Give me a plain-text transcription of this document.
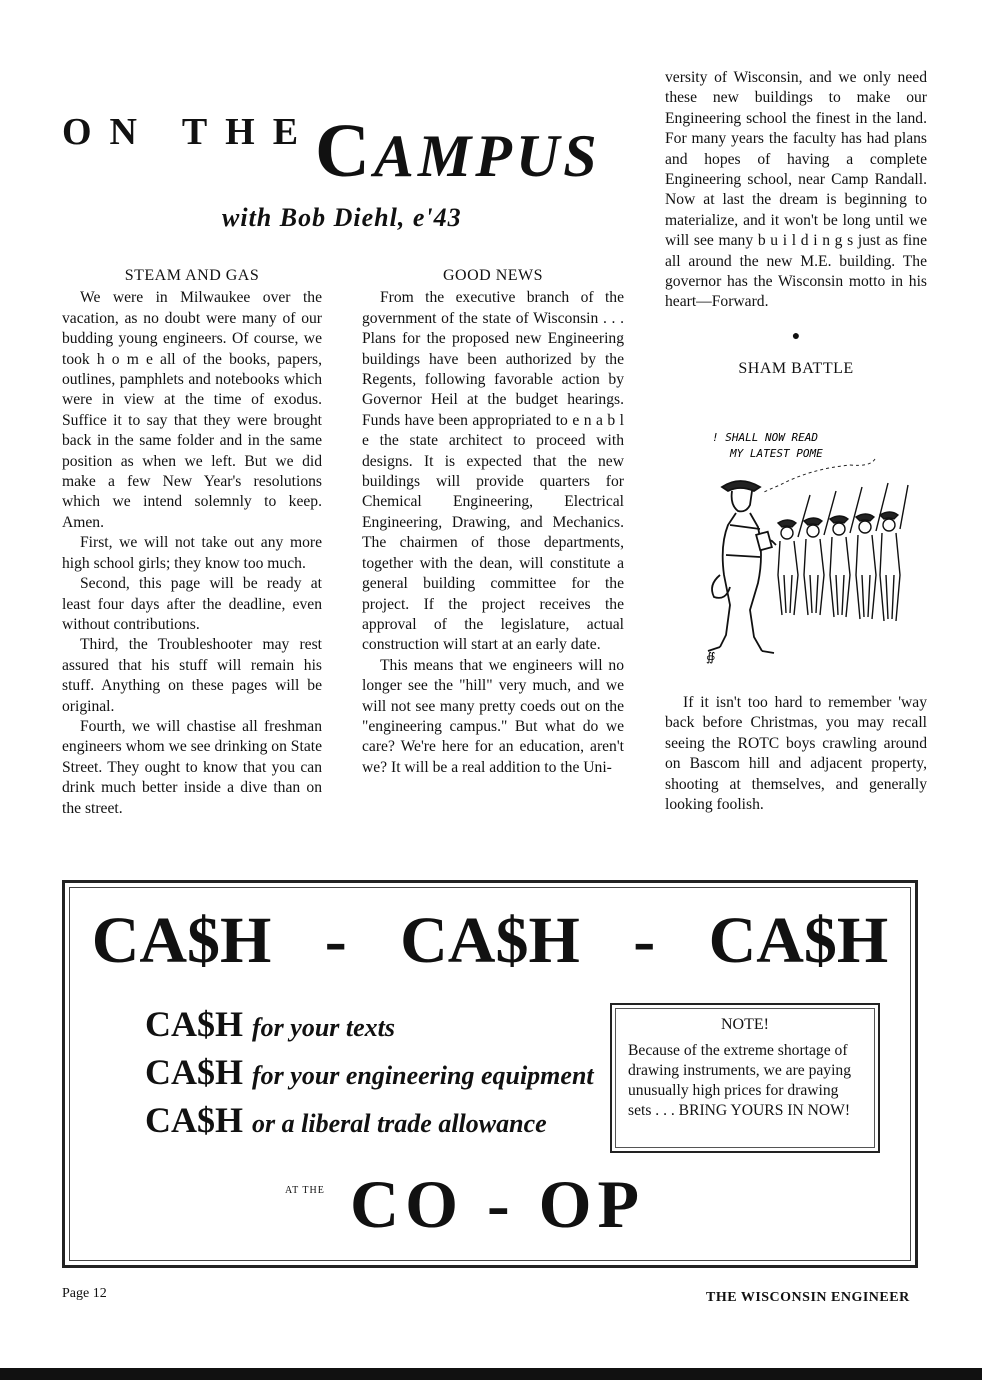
ON THE
CAMPUS
with Bob Diehl, e'43
STEAM AND GAS

We were in Milwaukee over the vacation, as no doubt were many of our budding young engineers. Of course, we took h o m e all of the books, papers, outlines, pamphlets and notebooks which were in view at the time of exodus. Suffice it to say that they were brought back in the same folder and in the same position as when we left. But we did make a few New Year's resolutions which we intend solemnly to keep. Amen.

First, we will not take out any more high school girls; they know too much.

Second, this page will be ready at least four days after the deadline, even without contributions.

Third, the Troubleshooter may rest assured that his stuff will remain his stuff. Anything on these pages will be original.

Fourth, we will chastise all freshman engineers whom we see drinking on State Street. They ought to know that you can drink much better inside a dive than on the street.

GOOD NEWS

From the executive branch of the government of the state of Wisconsin . . . Plans for the proposed new Engineering buildings have been authorized by the Regents, following favorable action by Governor Heil at the budget hearings. Funds have been appropriated to e n a b l e the state architect to proceed with designs. It is expected that the new buildings will provide quarters for Chemical Engineering, Electrical Engineering, Drawing, and Mechanics. The chairmen of those departments, together with the dean, will constitute a general building committee for the project. If the project receives the approval of the legislature, actual construction will start at an early date.

This means that we engineers will no longer see the "hill" very much, and we will not see many pretty coeds out on the "engineering campus." But what do we care? We're here for an education, aren't we? It will be a real addition to the Uni-

versity of Wisconsin, and we only need these new buildings to make our Engineering school the finest in the land. For many years the faculty has had plans and hopes of having a complete Engineering school, near Camp Randall. Now at last the dream is beginning to materialize, and it won't be long until we will see many b u i l d i n g s just as fine all around the new M.E. building. The governor has the Wisconsin motto in his heart—Forward.

●
SHAM BATTLE
! SHALL NOW READ
MY LATEST POME
∯

If it isn't too hard to remember 'way back before Christmas, you may recall seeing the ROTC boys crawling around on Bascom hill and adjacent property, shooting at themselves, and generally looking foolish.

CA$H - CA$H - CA$H
CA$H for your texts
CA$H for your engineering equipment
CA$H or a liberal trade allowance
NOTE!

Because of the extreme shortage of drawing instruments, we are paying unusually high prices for drawing sets . . . BRING YOURS IN NOW!

AT THE CO - OP
Page 12	THE WISCONSIN ENGINEER
